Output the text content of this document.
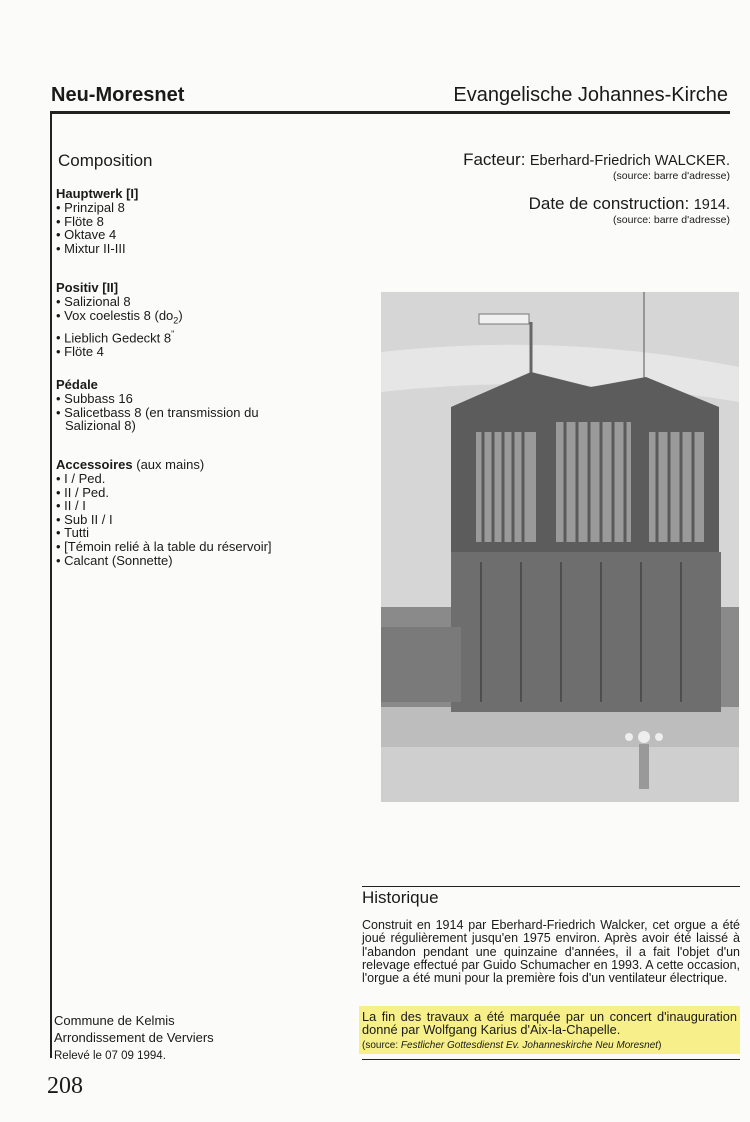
Neu-Moresnet	Evangelische Johannes-Kirche
Composition
Hauptwerk [I]
• Prinzipal 8
• Flöte 8
• Oktave 4
• Mixtur II-III
Positiv [II]
• Salizional 8
• Vox coelestis 8 $(do_2)$
• Lieblich Gedeckt 8"
• Flöte 4
Pédale
• Subbass 16
• Salicetbass 8 (en transmission du
Salizional 8)
Accessoires (aux mains)
• I / Ped.
• II / Ped.
• II / I
• Sub II / I
• Tutti
• [Témoin relié à la table du réservoir]
• Calcant (Sonnette)
Facteur: Eberhard-Friedrich WALCKER.
(source: barre d'adresse)
Date de construction: 1914.
(source: barre d'adresse)
Historique
Construit en 1914 par Eberhard-Friedrich Walcker, cet orgue a été joué régulièrement jusqu'en 1975 environ. Après avoir été laissé à l'abandon pendant une quinzaine d'années, il a fait l'objet d'un relevage effectué par Guido Schumacher en 1993. A cette occasion, l'orgue a été muni pour la première fois d'un ventilateur électrique.
La fin des travaux a été marquée par un concert d'inauguration donné par Wolfgang Karius d'Aix-la-Chapelle.
(source: Festlicher Gottesdienst Ev. Johanneskirche Neu Moresnet)
Commune de Kelmis
Arrondissement de Verviers
Relevé le 07 09 1994.
208
